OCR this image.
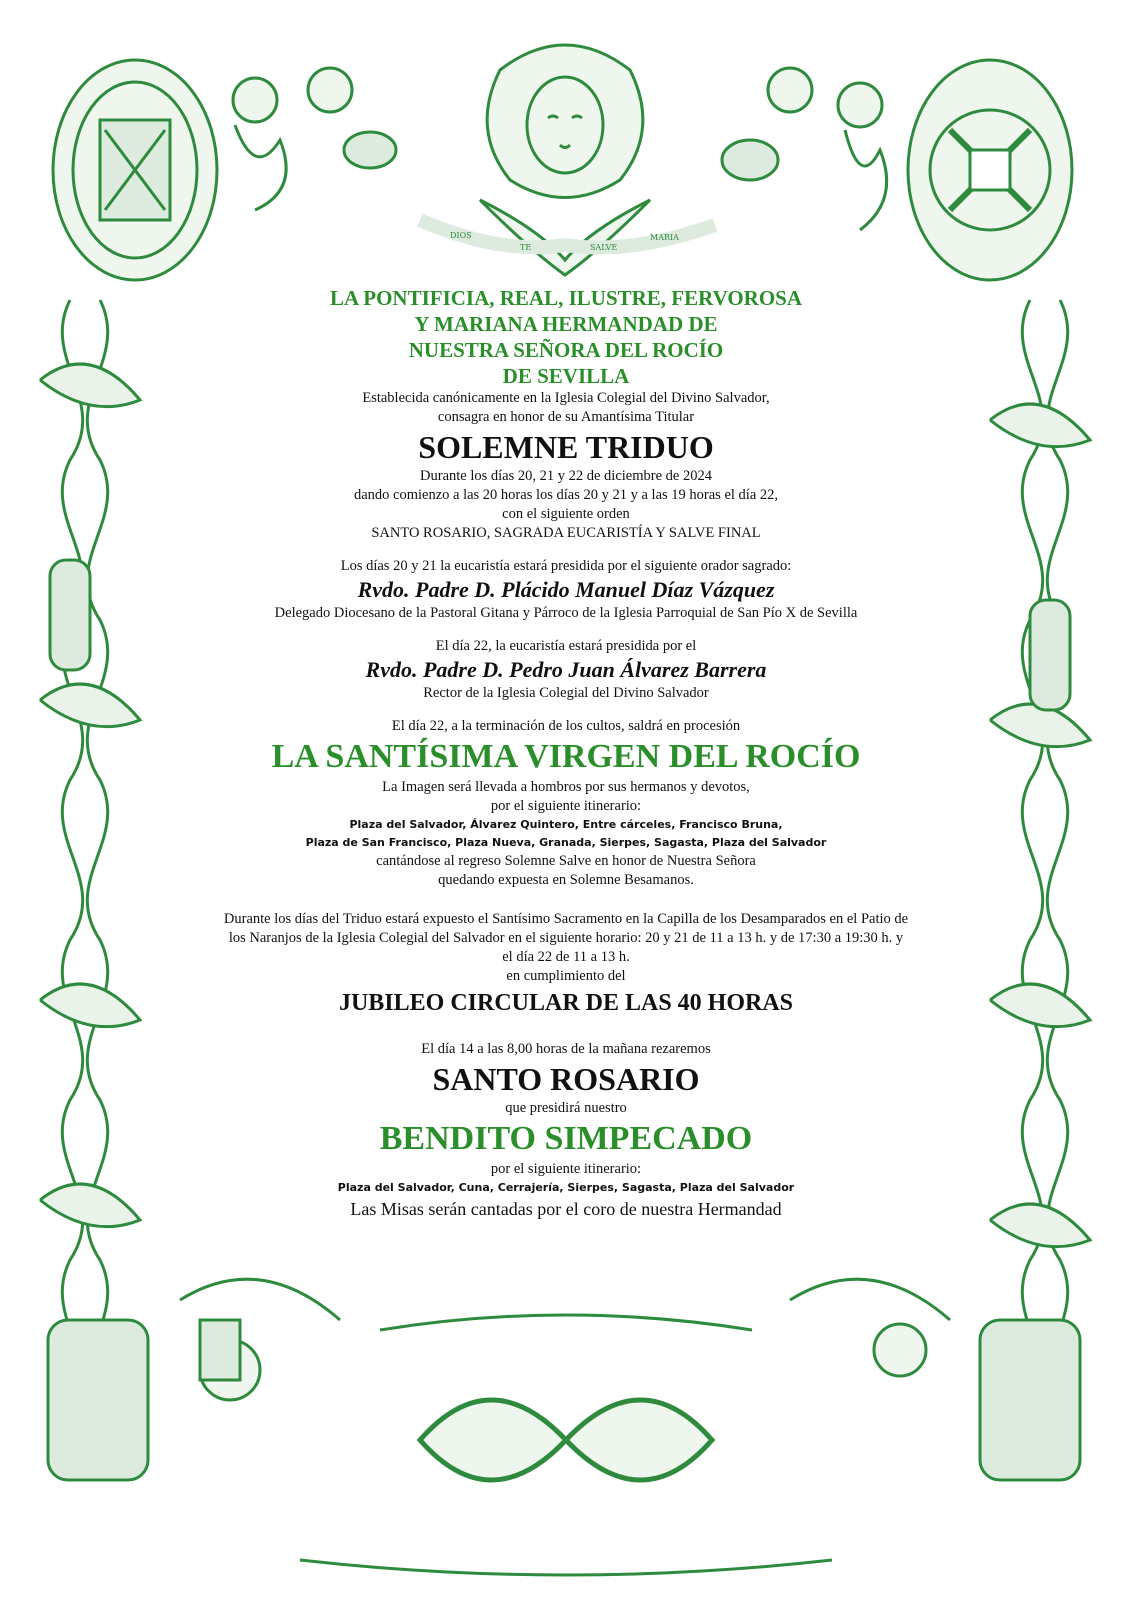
DIOSTE	SALVEMARIA
LA PONTIFICIA, REAL, ILUSTRE, FERVOROSA
Y MARIANA HERMANDAD DE
NUESTRA SEÑORA DEL ROCÍO
DE SEVILLA
Establecida canónicamente en la Iglesia Colegial del Divino Salvador,
consagra en honor de su Amantísima Titular
SOLEMNE TRIDUO
Durante los días 20, 21 y 22 de diciembre de 2024
dando comienzo a las 20 horas los días 20 y 21 y a las 19 horas el día 22,
con el siguiente orden
SANTO ROSARIO, SAGRADA EUCARISTÍA Y SALVE FINAL
Los días 20 y 21 la eucaristía estará presidida por el siguiente orador sagrado:
Rvdo. Padre D. Plácido Manuel Díaz Vázquez
Delegado Diocesano de la Pastoral Gitana y Párroco de la Iglesia Parroquial de San Pío X de Sevilla
El día 22, la eucaristía estará presidida por el
Rvdo. Padre D. Pedro Juan Álvarez Barrera
Rector de la Iglesia Colegial del Divino Salvador
El día 22, a la terminación de los cultos, saldrá en procesión
LA SANTÍSIMA VIRGEN DEL ROCÍO
La Imagen será llevada a hombros por sus hermanos y devotos,
por el siguiente itinerario:
Plaza del Salvador, Álvarez Quintero, Entre cárceles, Francisco Bruna,
Plaza de San Francisco, Plaza Nueva, Granada, Sierpes, Sagasta, Plaza del Salvador
cantándose al regreso Solemne Salve en honor de Nuestra Señora
quedando expuesta en Solemne Besamanos.
Durante los días del Triduo estará expuesto el Santísimo Sacramento en la Capilla de los Desamparados en el Patio de
los Naranjos de la Iglesia Colegial del Salvador en el siguiente horario: 20 y 21 de 11 a 13 h. y de 17:30 a 19:30 h. y
el día 22 de 11 a 13 h.
en cumplimiento del
JUBILEO CIRCULAR DE LAS 40 HORAS
El día 14 a las 8,00 horas de la mañana rezaremos
SANTO ROSARIO
que presidirá nuestro
BENDITO SIMPECADO
por el siguiente itinerario:
Plaza del Salvador, Cuna, Cerrajería, Sierpes, Sagasta, Plaza del Salvador
Las Misas serán cantadas por el coro de nuestra Hermandad
